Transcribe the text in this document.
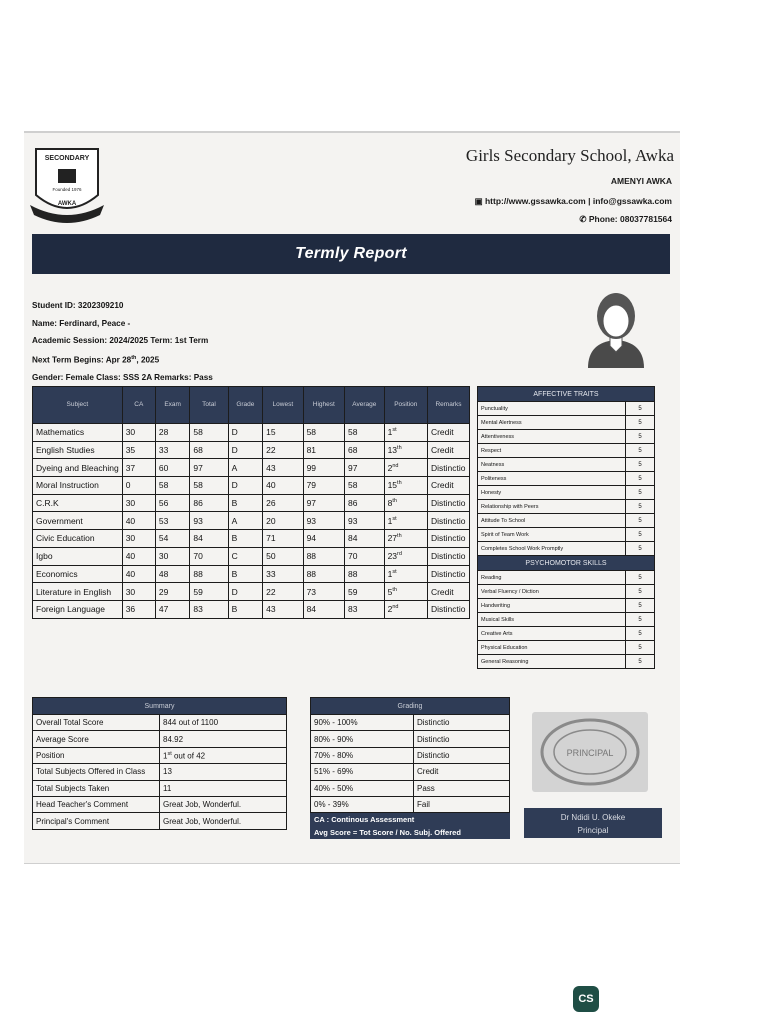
SECONDARY
Founded 1976
AWKA
Girls Secondary School, Awka
AMENYI AWKA
▣ http://www.gssawka.com | info@gssawka.com
✆ Phone: 08037781564
Termly Report
Student ID: 3202309210
Name: Ferdinard, Peace -
Academic Session: 2024/2025 Term: 1st Term
Next Term Begins: Apr 28th, 2025
Gender: Female Class: SSS 2A Remarks: Pass
Subject	CA	Exam	Total	Grade	Lowest	Highest	Average	Position	Remarks
Mathematics	30	28	58	D	15	58	58	1st	Credit
English Studies	35	33	68	D	22	81	68	13th	Credit
Dyeing and Bleaching	37	60	97	A	43	99	97	2nd	Distinctio
Moral Instruction	0	58	58	D	40	79	58	15th	Credit
C.R.K	30	56	86	B	26	97	86	8th	Distinctio
Government	40	53	93	A	20	93	93	1st	Distinctio
Civic Education	30	54	84	B	71	94	84	27th	Distinctio
Igbo	40	30	70	C	50	88	70	23rd	Distinctio
Economics	40	48	88	B	33	88	88	1st	Distinctio
Literature in English	30	29	59	D	22	73	59	5th	Credit
Foreign Language	36	47	83	B	43	84	83	2nd	Distinctio
AFFECTIVE TRAITS	
Punctuality	5
Mental Alertness	5
Attentiveness	5
Respect	5
Neatness	5
Politeness	5
Honesty	5
Relationship with Peers	5
Attitude To School	5
Spirit of Team Work	5
Completes School Work Promptly	5
PSYCHOMOTOR SKILLS	
Reading	5
Verbal Fluency / Diction	5
Handwriting	5
Musical Skills	5
Creative Arts	5
Physical Education	5
General Reasoning	5
Summary	
Overall Total Score	844 out of 1100
Average Score	84.92
Position	1st out of 42
Total Subjects Offered in Class	13
Total Subjects Taken	11
Head Teacher's Comment	Great Job, Wonderful.
Principal's Comment	Great Job, Wonderful.
Grading	
90% - 100%	Distinctio
80% - 90%	Distinctio
70% - 80%	Distinctio
51% - 69%	Credit
40% - 50%	Pass
0% - 39%	Fail
CA : Continous Assessment	
Avg Score = Tot Score / No. Subj. Offered	
PRINCIPAL
Dr Ndidi U. Okeke
Principal
CS
